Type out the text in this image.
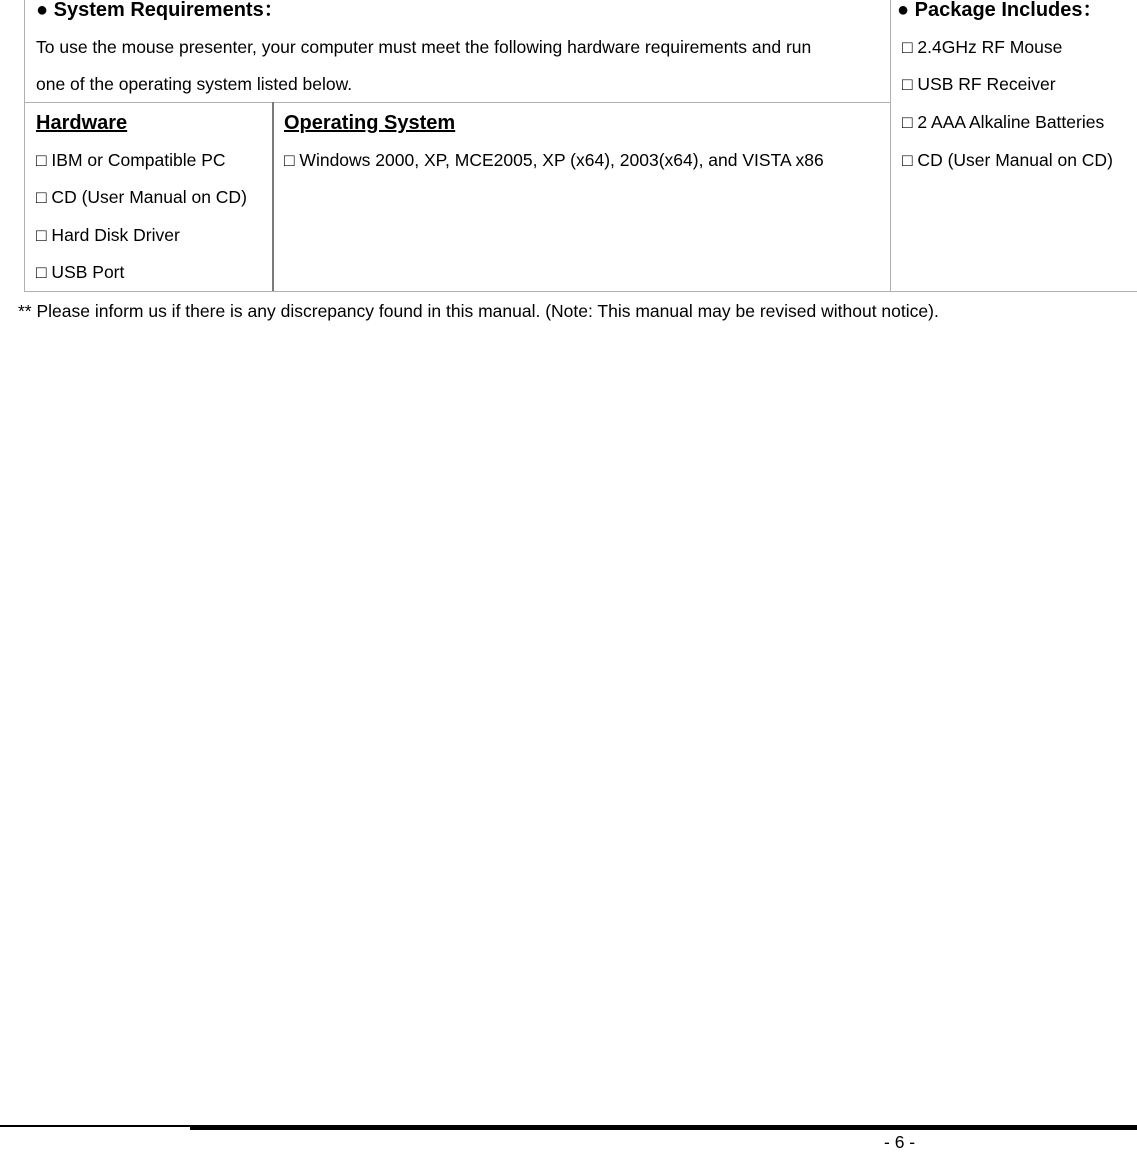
● System Requirements：
To use the mouse presenter, your computer must meet the following hardware requirements and run
one of the operating system listed below.
Hardware
□ IBM or Compatible PC
□ CD (User Manual on CD)
□ Hard Disk Driver
□ USB Port
Operating System
□ Windows 2000, XP, MCE2005, XP (x64), 2003(x64), and VISTA x86
● Package Includes：
□ 2.4GHz RF Mouse
□ USB RF Receiver
□ 2 AAA Alkaline Batteries
□ CD (User Manual on CD)
** Please inform us if there is any discrepancy found in this manual. (Note: This manual may be revised without notice).
- 6 -
